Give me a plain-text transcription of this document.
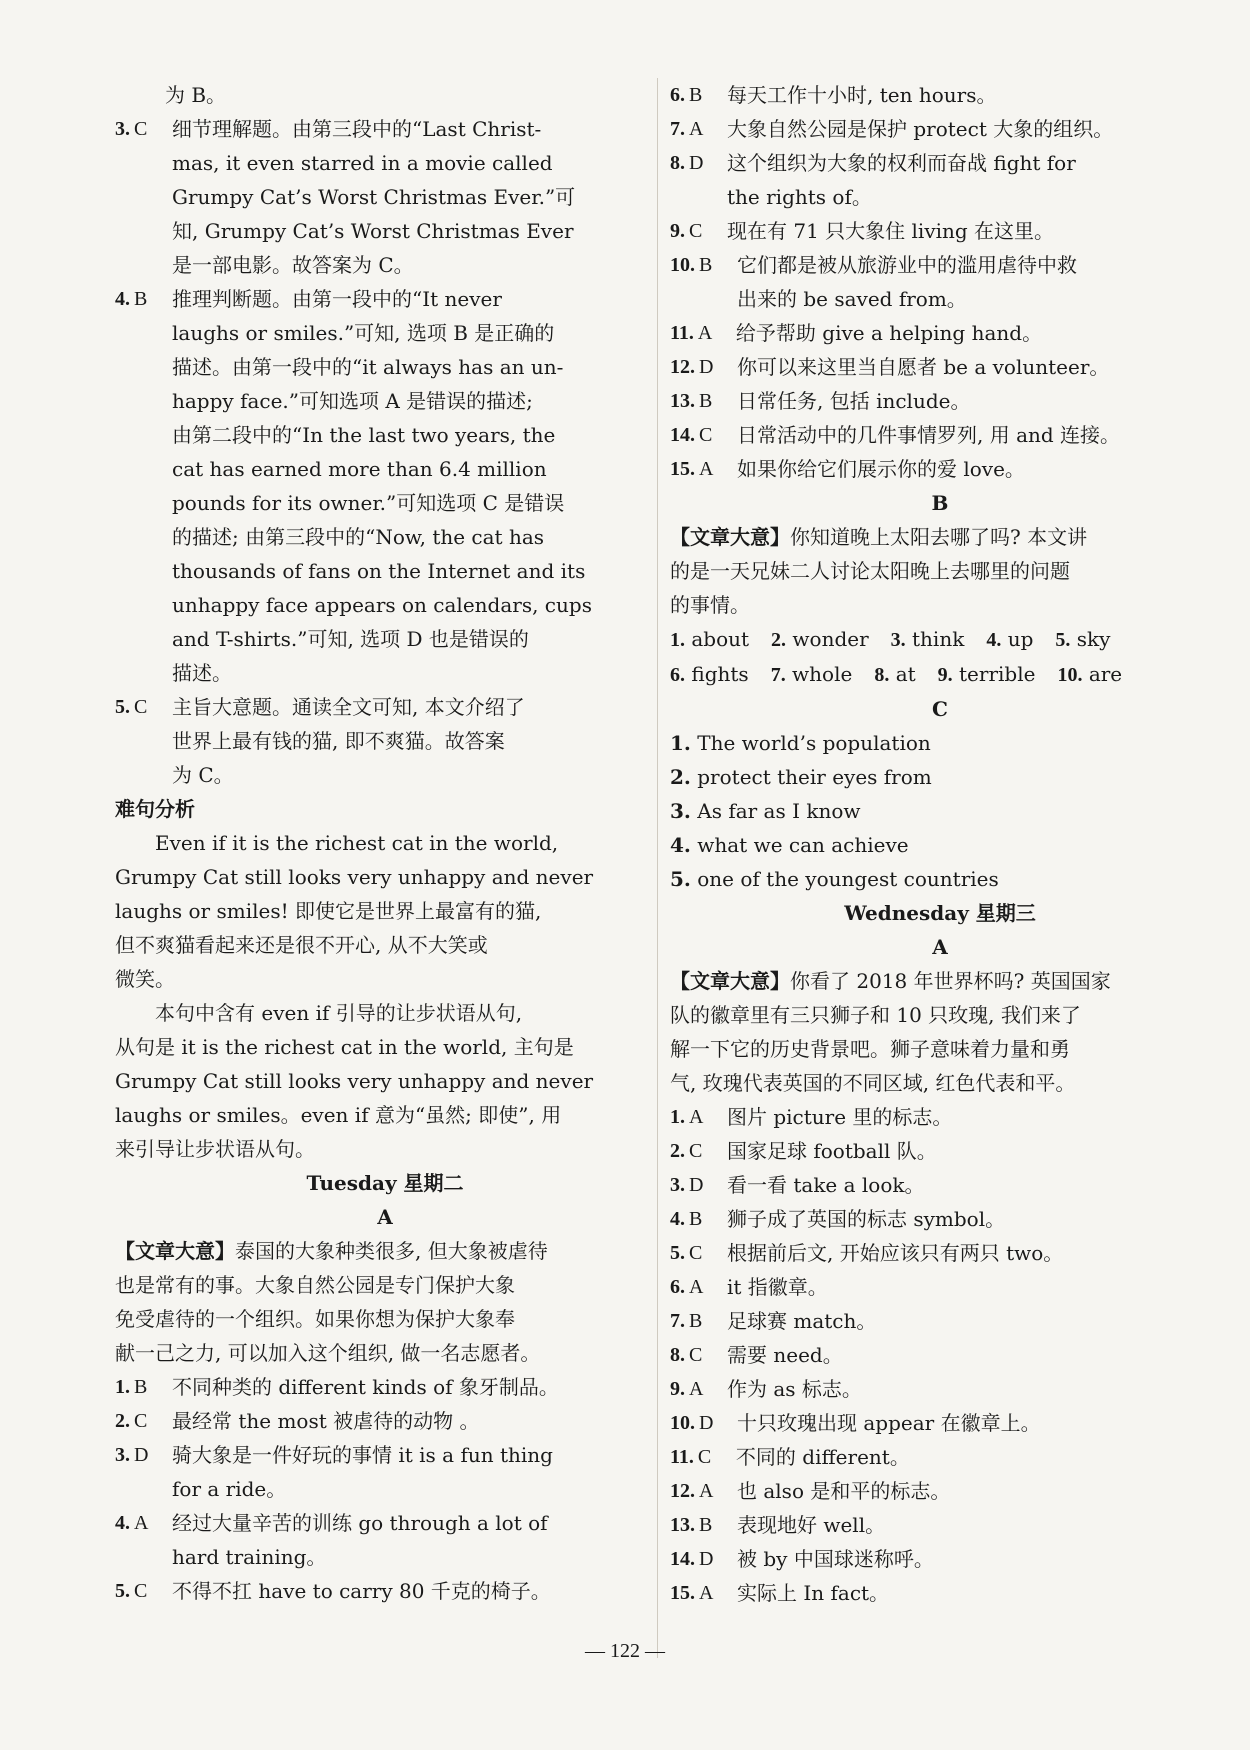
为 B。
3. C	细节理解题。由第三段中的“Last Christ-
mas, it even starred in a movie called
Grumpy Cat’s Worst Christmas Ever.”可
知, Grumpy Cat’s Worst Christmas Ever
是一部电影。故答案为 C。
4. B	推理判断题。由第一段中的“It never
laughs or smiles.”可知, 选项 B 是正确的
描述。由第一段中的“it always has an un-
happy face.”可知选项 A 是错误的描述;
由第二段中的“In the last two years, the
cat has earned more than 6.4 million
pounds for its owner.”可知选项 C 是错误
的描述; 由第三段中的“Now, the cat has
thousands of fans on the Internet and its
unhappy face appears on calendars, cups
and T-shirts.”可知, 选项 D 也是错误的
描述。
5. C	主旨大意题。通读全文可知, 本文介绍了
世界上最有钱的猫, 即不爽猫。故答案
为 C。
难句分析
Even if it is the richest cat in the world,
Grumpy Cat still looks very unhappy and never
laughs or smiles! 即使它是世界上最富有的猫,
但不爽猫看起来还是很不开心, 从不大笑或
微笑。
本句中含有 even if 引导的让步状语从句,
从句是 it is the richest cat in the world, 主句是
Grumpy Cat still looks very unhappy and never
laughs or smiles。even if 意为“虽然; 即使”, 用
来引导让步状语从句。
Tuesday 星期二
A
【文章大意】泰国的大象种类很多, 但大象被虐待
也是常有的事。大象自然公园是专门保护大象
免受虐待的一个组织。如果你想为保护大象奉
献一己之力, 可以加入这个组织, 做一名志愿者。
1. B	不同种类的 different kinds of 象牙制品。
2. C	最经常 the most 被虐待的动物 。
3. D	骑大象是一件好玩的事情 it is a fun thing
for a ride。
4. A	经过大量辛苦的训练 go through a lot of
hard training。
5. C	不得不扛 have to carry 80 千克的椅子。
6. B	每天工作十小时, ten hours。
7. A	大象自然公园是保护 protect 大象的组织。
8. D	这个组织为大象的权利而奋战 fight for
the rights of。
9. C	现在有 71 只大象住 living 在这里。
10. B	它们都是被从旅游业中的滥用虐待中救
出来的 be saved from。
11. A	给予帮助 give a helping hand。
12. D	你可以来这里当自愿者 be a volunteer。
13. B	日常任务, 包括 include。
14. C	日常活动中的几件事情罗列, 用 and 连接。
15. A	如果你给它们展示你的爱 love。
B
【文章大意】你知道晚上太阳去哪了吗? 本文讲
的是一天兄妹二人讨论太阳晚上去哪里的问题
的事情。
1. about 2. wonder 3. think 4. up 5. sky
6. fights 7. whole 8. at 9. terrible 10. are
C
1. The world’s population
2. protect their eyes from
3. As far as I know
4. what we can achieve
5. one of the youngest countries
Wednesday 星期三
A
【文章大意】你看了 2018 年世界杯吗? 英国国家
队的徽章里有三只狮子和 10 只玫瑰, 我们来了
解一下它的历史背景吧。狮子意味着力量和勇
气, 玫瑰代表英国的不同区域, 红色代表和平。
1. A	图片 picture 里的标志。
2. C	国家足球 football 队。
3. D	看一看 take a look。
4. B	狮子成了英国的标志 symbol。
5. C	根据前后文, 开始应该只有两只 two。
6. A	it 指徽章。
7. B	足球赛 match。
8. C	需要 need。
9. A	作为 as 标志。
10. D	十只玫瑰出现 appear 在徽章上。
11. C	不同的 different。
12. A	也 also 是和平的标志。
13. B	表现地好 well。
14. D	被 by 中国球迷称呼。
15. A	实际上 In fact。
— 122 —
